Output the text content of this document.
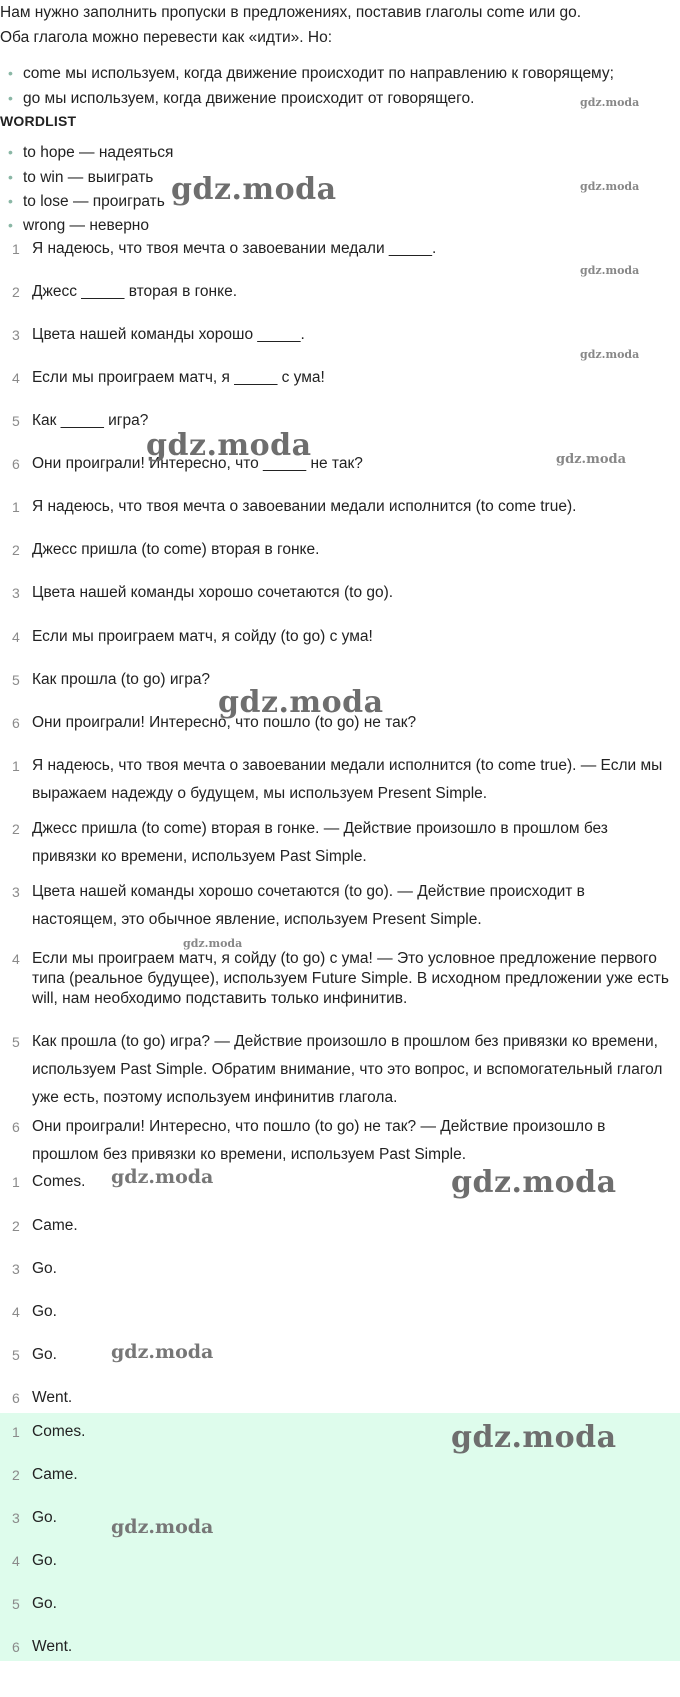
Нам нужно заполнить пропуски в предложениях, поставив глаголы come или go.

Оба глагола можно перевести как «идти». Но:

• come мы используем, когда движение происходит по направлению к говорящему;
• go мы используем, когда движение происходит от говорящего.
WORDLIST
• to hope — надеяться
• to win — выиграть
• to lose — проиграть
• wrong — неверно
1 Я надеюсь, что твоя мечта о завоевании медали _____.
2 Джесс _____ вторая в гонке.
3 Цвета нашей команды хорошо _____.
4 Если мы проиграем матч, я _____ с ума!
5 Как _____ игра?
6 Они проиграли! Интересно, что _____ не так?
1 Я надеюсь, что твоя мечта о завоевании медали исполнится (to come true).
2 Джесс пришла (to come) вторая в гонке.
3 Цвета нашей команды хорошо сочетаются (to go).
4 Если мы проиграем матч, я сойду (to go) с ума!
5 Как прошла (to go) игра?
6 Они проиграли! Интересно, что пошло (to go) не так?
1 Я надеюсь, что твоя мечта о завоевании медали исполнится (to come true). — Если мы выражаем надежду о будущем, мы используем Present Simple.
2 Джесс пришла (to come) вторая в гонке. — Действие произошло в прошлом без привязки ко времени, используем Past Simple.
3 Цвета нашей команды хорошо сочетаются (to go). — Действие происходит в настоящем, это обычное явление, используем Present Simple.
4 Если мы проиграем матч, я сойду (to go) с ума! — Это условное предложение первого типа (реальное будущее), используем Future Simple. В исходном предложении уже есть will, нам необходимо подставить только инфинитив.
5 Как прошла (to go) игра? — Действие произошло в прошлом без привязки ко времени, используем Past Simple. Обратим внимание, что это вопрос, и вспомогательный глагол уже есть, поэтому используем инфинитив глагола.
6 Они проиграли! Интересно, что пошло (to go) не так? — Действие произошло в прошлом без привязки ко времени, используем Past Simple.
1 Comes.
2 Came.
3 Go.
4 Go.
5 Go.
6 Went.
1 Comes.
2 Came.
3 Go.
4 Go.
5 Go.
6 Went.
gdz.moda
gdz.moda	gdz.moda
gdz.moda
gdz.moda
gdz.moda	gdz.moda
gdz.moda
gdz.moda
gdz.moda	gdz.moda
gdz.moda
gdz.moda
gdz.moda
